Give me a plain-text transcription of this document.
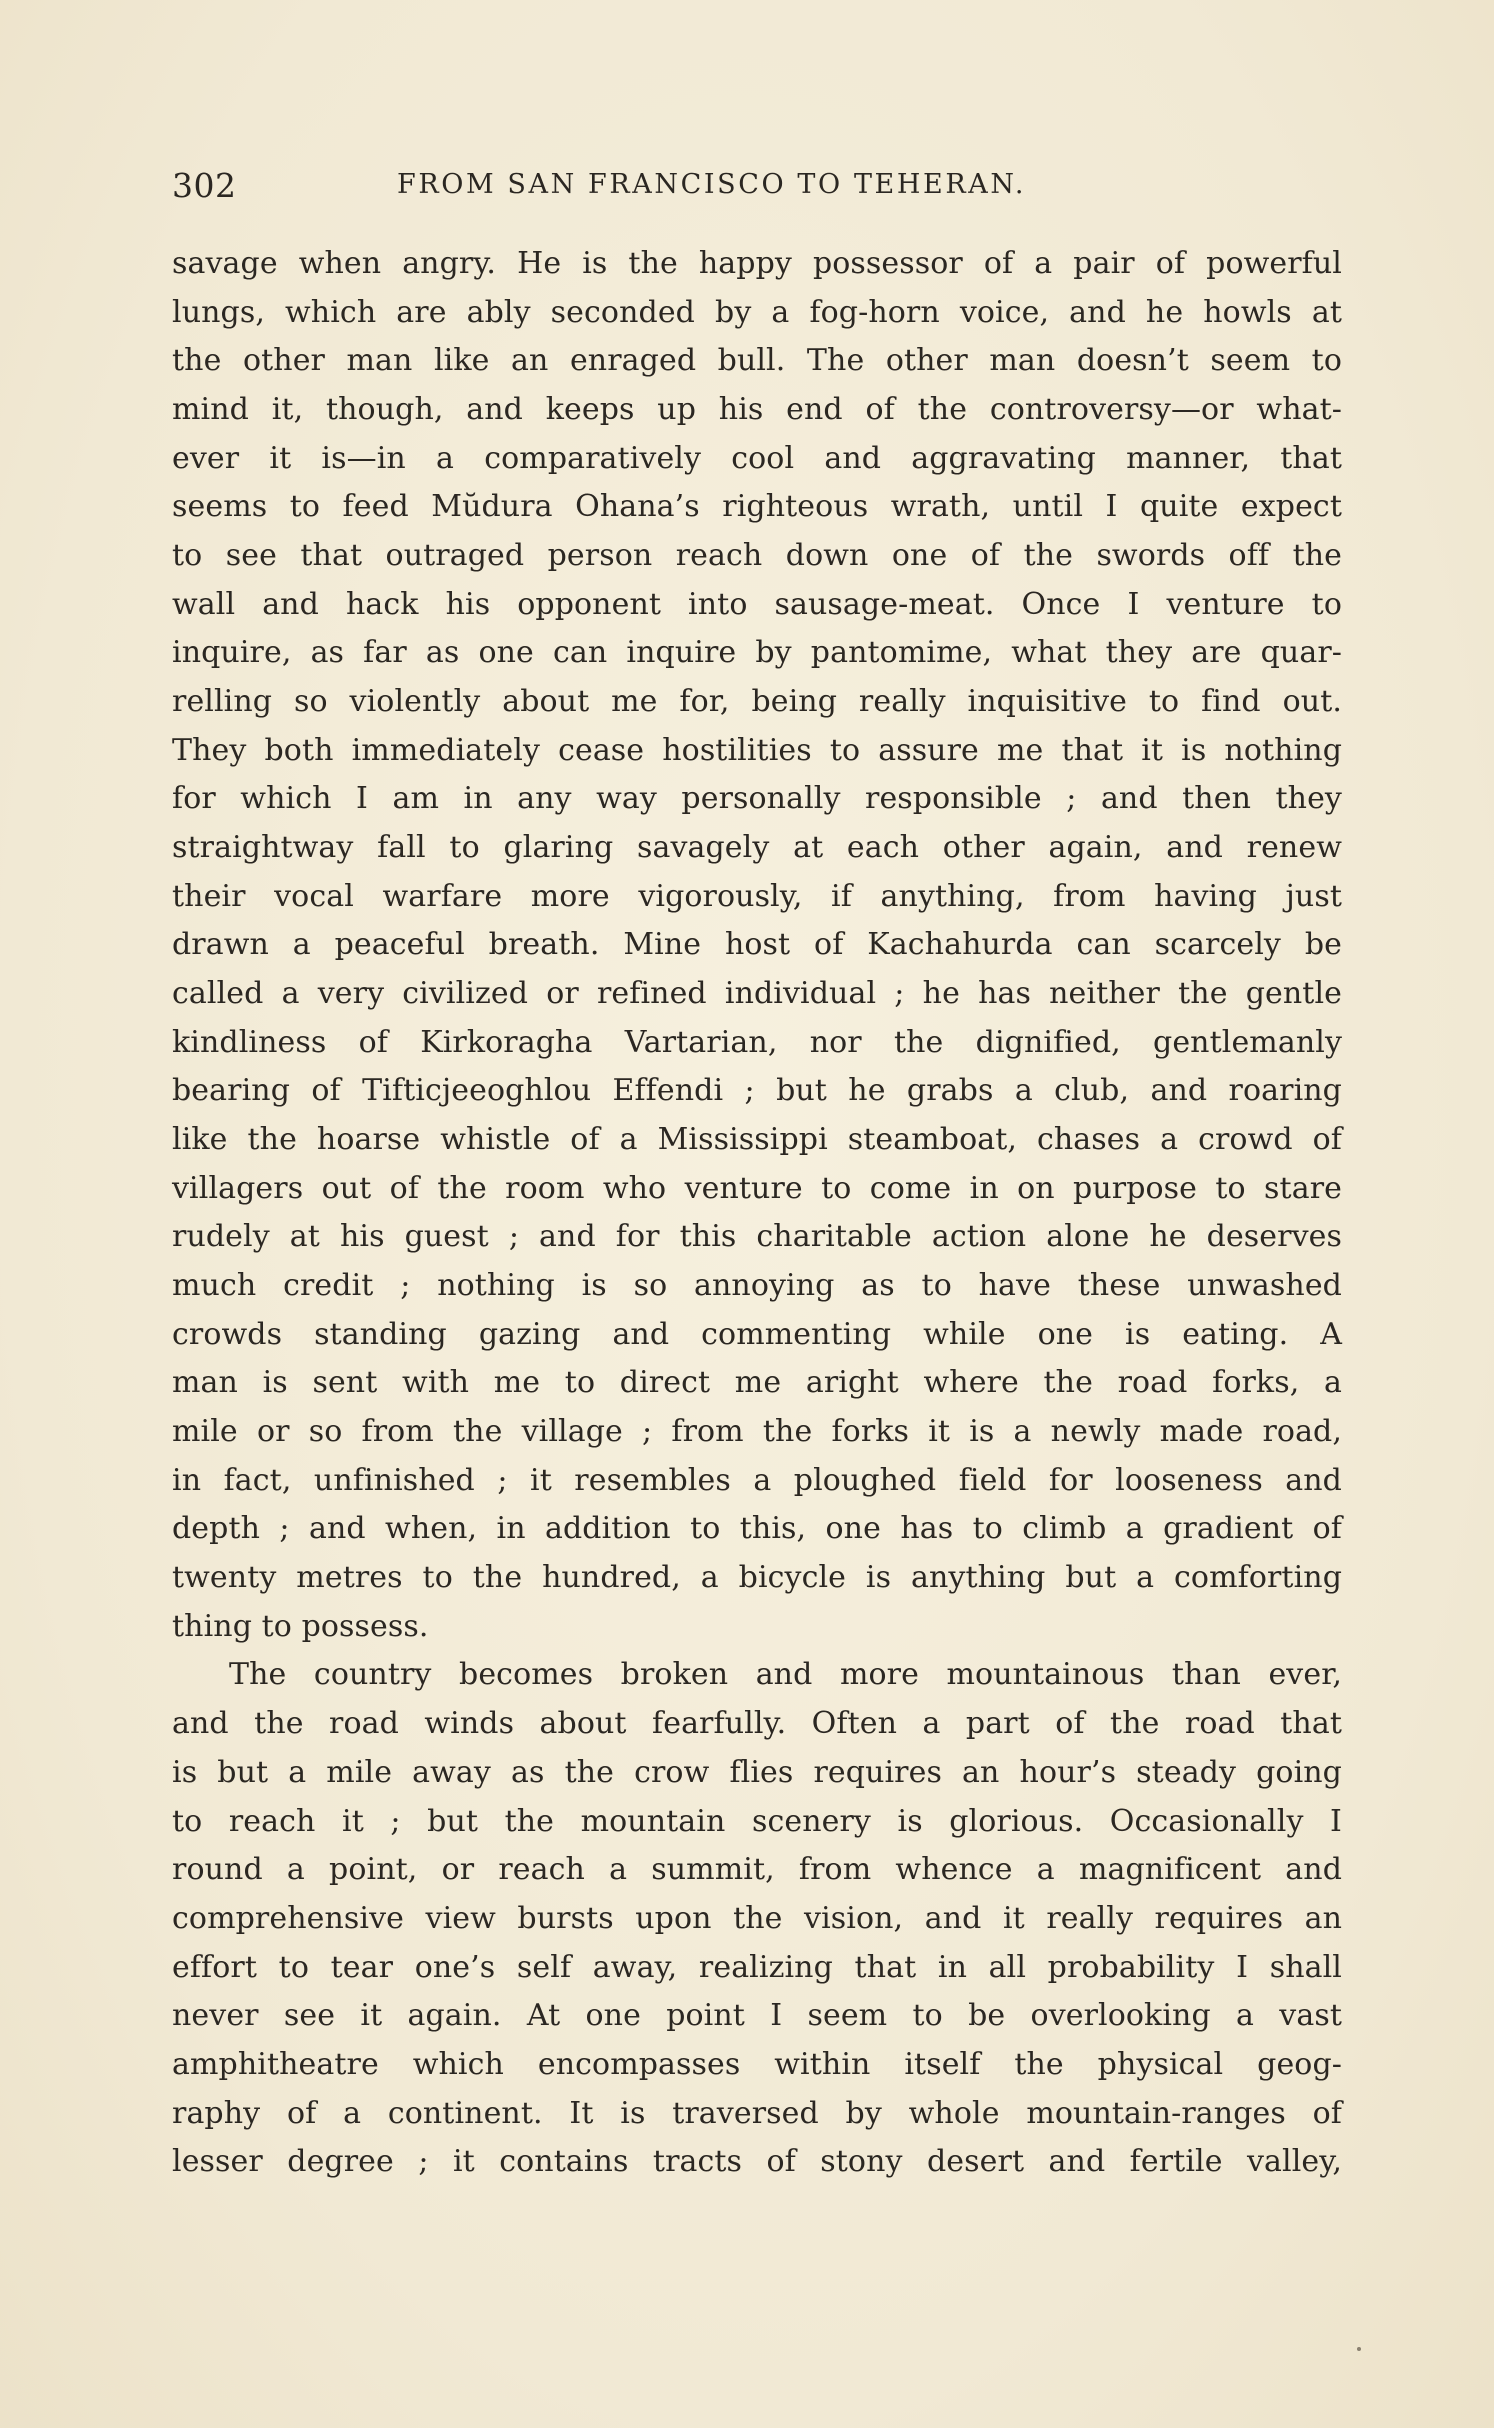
302	FROM SAN FRANCISCO TO TEHERAN.
savage when angry. He is the happy possessor of a pair of powerful
lungs, which are ably seconded by a fog-horn voice, and he howls at
the other man like an enraged bull. The other man doesn’t seem to
mind it, though, and keeps up his end of the controversy—or what-
ever it is—in a comparatively cool and aggravating manner, that
seems to feed Mŭdura Ohana’s righteous wrath, until I quite expect
to see that outraged person reach down one of the swords off the
wall and hack his opponent into sausage-meat. Once I venture to
inquire, as far as one can inquire by pantomime, what they are quar-
relling so violently about me for, being really inquisitive to find out.
They both immediately cease hostilities to assure me that it is nothing
for which I am in any way personally responsible ; and then they
straightway fall to glaring savagely at each other again, and renew
their vocal warfare more vigorously, if anything, from having just
drawn a peaceful breath. Mine host of Kachahurda can scarcely be
called a very civilized or refined individual ; he has neither the gentle
kindliness of Kirkoragha Vartarian, nor the dignified, gentlemanly
bearing of Tifticjeeoghlou Effendi ; but he grabs a club, and roaring
like the hoarse whistle of a Mississippi steamboat, chases a crowd of
villagers out of the room who venture to come in on purpose to stare
rudely at his guest ; and for this charitable action alone he deserves
much credit ; nothing is so annoying as to have these unwashed
crowds standing gazing and commenting while one is eating. A
man is sent with me to direct me aright where the road forks, a
mile or so from the village ; from the forks it is a newly made road,
in fact, unfinished ; it resembles a ploughed field for looseness and
depth ; and when, in addition to this, one has to climb a gradient of
twenty metres to the hundred, a bicycle is anything but a comforting
thing to possess.
The country becomes broken and more mountainous than ever,
and the road winds about fearfully. Often a part of the road that
is but a mile away as the crow flies requires an hour’s steady going
to reach it ; but the mountain scenery is glorious. Occasionally I
round a point, or reach a summit, from whence a magnificent and
comprehensive view bursts upon the vision, and it really requires an
effort to tear one’s self away, realizing that in all probability I shall
never see it again. At one point I seem to be overlooking a vast
amphitheatre which encompasses within itself the physical geog-
raphy of a continent. It is traversed by whole mountain-ranges of
lesser degree ; it contains tracts of stony desert and fertile valley,
